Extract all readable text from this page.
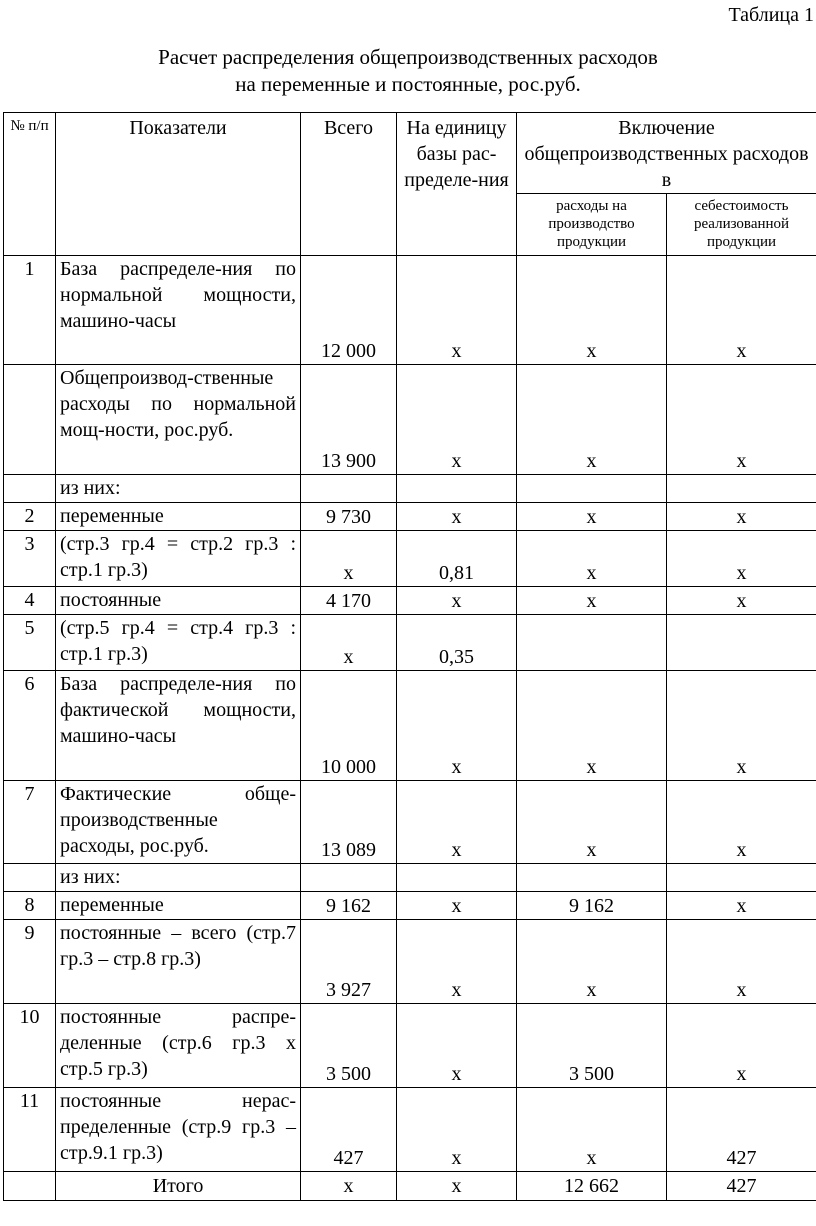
Таблица 1
Расчет распределения общепроизводственных расходов
на переменные и постоянные, рос.руб.
№ п/п	Показатели	Всего	На единицу базы рас-пределе-ния	Включение общепроизводственных расходов в	
				расходы на производство продукции	себестоимость реализованной продукции
1	База распределе-ния по нормальной мощности, машино-часы	12 000	х	х	х
	Общепроизвод-ственные расходы по нормальной мощ-ности, рос.руб.	13 900	х	х	х
	из них:				
2	переменные	9 730	х	х	х
3	(стр.3 гр.4 = стр.2 гр.3 : стр.1 гр.3)	х	0,81	х	х
4	постоянные	4 170	х	х	х
5	(стр.5 гр.4 = стр.4 гр.3 : стр.1 гр.3)	х	0,35		
6	База распределе-ния по фактической мощности, машино-часы	10 000	х	х	х
7	Фактические обще-производственные расходы, рос.руб.	13 089	х	х	х
	из них:				
8	переменные	9 162	х	9 162	х
9	постоянные – всего (стр.7 гр.3 – стр.8 гр.3)	3 927	х	х	х
10	постоянные распре-деленные (стр.6 гр.3 х стр.5 гр.3)	3 500	х	3 500	х
11	постоянные нерас-пределенные (стр.9 гр.3 – стр.9.1 гр.3)	427	х	х	427
	Итого	х	х	12 662	427
